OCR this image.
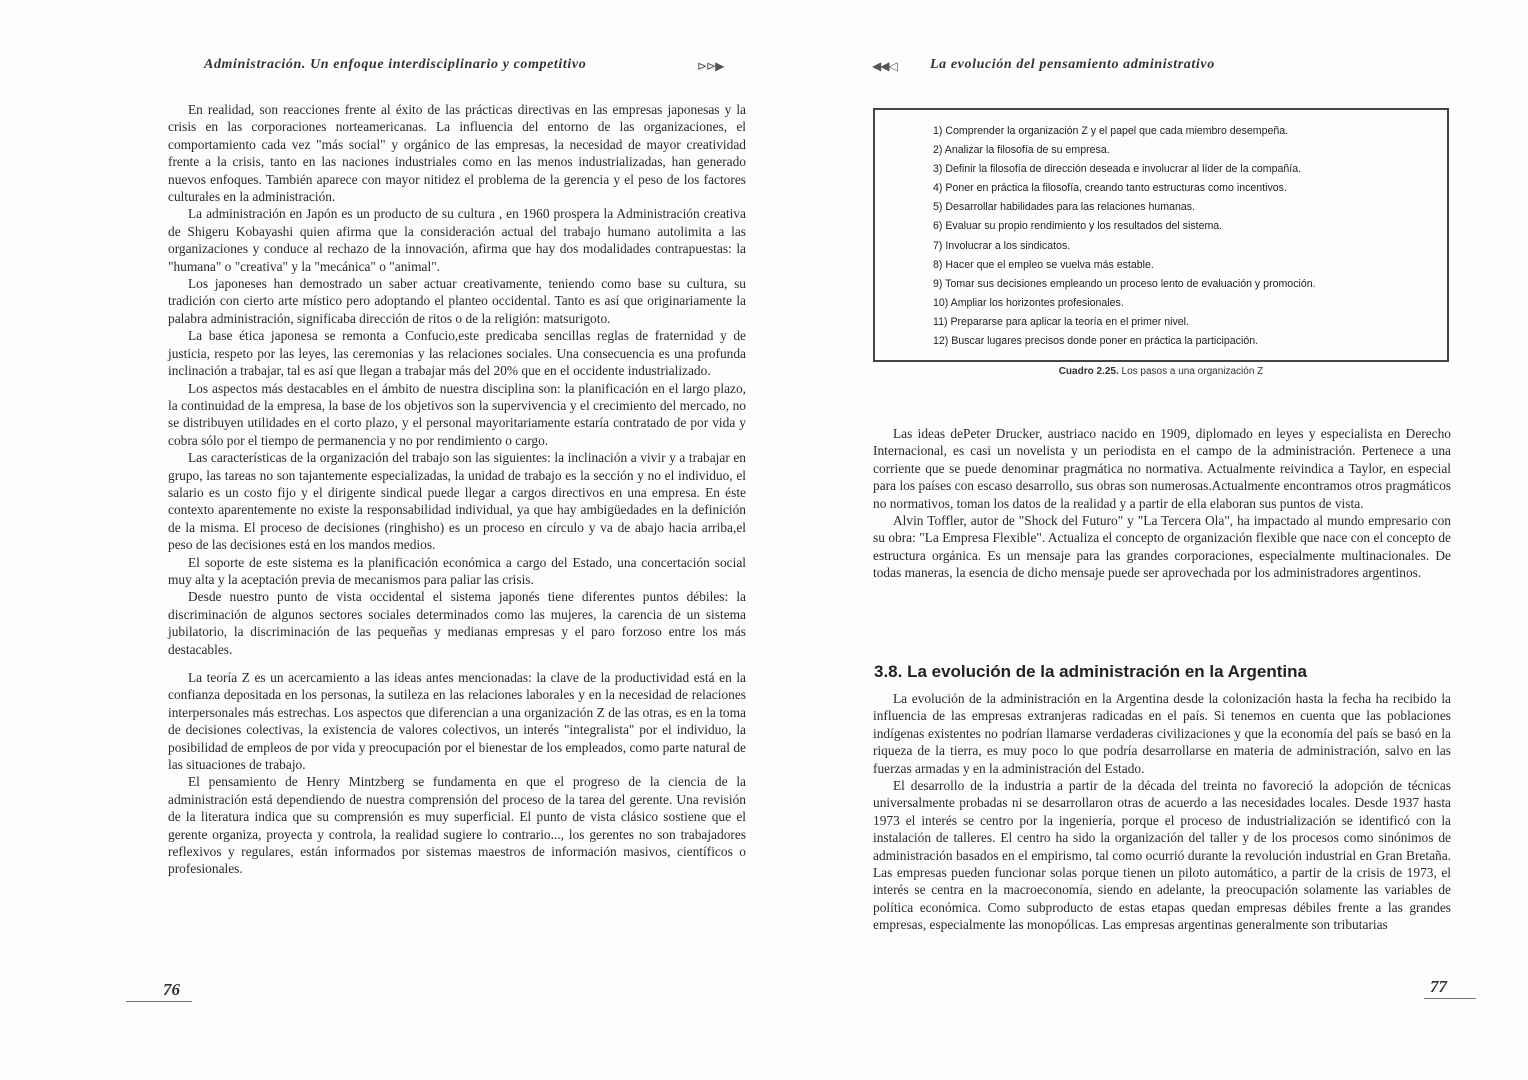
Administración. Un enfoque interdisciplinario y competitivo	⊳⊳▶

En realidad, son reacciones frente al éxito de las prácticas directivas en las empresas japonesas y la crisis en las corporaciones norteamericanas. La influencia del entorno de las organizaciones, el comportamiento cada vez "más social" y orgánico de las empresas, la necesidad de mayor creatividad frente a la crisis, tanto en las naciones industriales como en las menos industrializadas, han generado nuevos enfoques. También aparece con mayor nitidez el problema de la gerencia y el peso de los factores culturales en la administración.

La administración en Japón es un producto de su cultura , en 1960 prospera la Administración creativa de Shigeru Kobayashi quien afirma que la consideración actual del trabajo humano autolimita a las organizaciones y conduce al rechazo de la innovación, afirma que hay dos modalidades contrapuestas: la "humana" o "creativa" y la "mecánica" o "animal".

Los japoneses han demostrado un saber actuar creativamente, teniendo como base su cultura, su tradición con cierto arte místico pero adoptando el planteo occidental. Tanto es así que originariamente la palabra administración, significaba dirección de ritos o de la religión: matsurigoto.

La base ética japonesa se remonta a Confucio,este predicaba sencillas reglas de fraternidad y de justicia, respeto por las leyes, las ceremonias y las relaciones sociales. Una consecuencia es una profunda inclinación a trabajar, tal es así que llegan a trabajar más del 20% que en el occidente industrializado.

Los aspectos más destacables en el ámbito de nuestra disciplina son: la planificación en el largo plazo, la continuidad de la empresa, la base de los objetivos son la supervivencia y el crecimiento del mercado, no se distribuyen utilidades en el corto plazo, y el personal mayoritariamente estaría contratado de por vida y cobra sólo por el tiempo de permanencia y no por rendimiento o cargo.

Las características de la organización del trabajo son las siguientes: la inclinación a vivir y a trabajar en grupo, las tareas no son tajantemente especializadas, la unidad de trabajo es la sección y no el individuo, el salario es un costo fijo y el dirigente sindical puede llegar a cargos directivos en una empresa. En éste contexto aparentemente no existe la responsabilidad individual, ya que hay ambigüedades en la definición de la misma. El proceso de decisiones (ringhisho) es un proceso en círculo y va de abajo hacia arriba,el peso de las decisiones está en los mandos medios.

El soporte de este sistema es la planificación económica a cargo del Estado, una concertación social muy alta y la aceptación previa de mecanismos para paliar las crisis.

Desde nuestro punto de vista occidental el sistema japonés tiene diferentes puntos débiles: la discriminación de algunos sectores sociales determinados como las mujeres, la carencia de un sistema jubilatorio, la discriminación de las pequeñas y medianas empresas y el paro forzoso entre los más destacables.

La teoría Z es un acercamiento a las ideas antes mencionadas: la clave de la productividad está en la confianza depositada en los personas, la sutileza en las relaciones laborales y en la necesidad de relaciones interpersonales más estrechas. Los aspectos que diferencian a una organización Z de las otras, es en la toma de decisiones colectivas, la existencia de valores colectivos, un interés "integralista" por el individuo, la posibilidad de empleos de por vida y preocupación por el bienestar de los empleados, como parte natural de las situaciones de trabajo.

El pensamiento de Henry Mintzberg se fundamenta en que el progreso de la ciencia de la administración está dependiendo de nuestra comprensión del proceso de la tarea del gerente. Una revisión de la literatura indica que su comprensión es muy superficial. El punto de vista clásico sostiene que el gerente organiza, proyecta y controla, la realidad sugiere lo contrario..., los gerentes no son trabajadores reflexivos y regulares, están informados por sistemas maestros de información masivos, científicos o profesionales.

76
◀◀◁ La evolución del pensamiento administrativo
1) Comprender la organización Z y el papel que cada miembro desempeña.
2) Analizar la filosofía de su empresa.
3) Definir la filosofía de dirección deseada e involucrar al líder de la compañía.
4) Poner en práctica la filosofía, creando tanto estructuras como incentivos.
5) Desarrollar habilidades para las relaciones humanas.
6) Evaluar su propio rendimiento y los resultados del sistema.
7) Involucrar a los sindicatos.
8) Hacer que el empleo se vuelva más estable.
9) Tomar sus decisiones empleando un proceso lento de evaluación y promoción.
10) Ampliar los horizontes profesionales.
11) Prepararse para aplicar la teoría en el primer nivel.
12) Buscar lugares precisos donde poner en práctica la participación.
Cuadro 2.25. Los pasos a una organización Z

Las ideas dePeter Drucker, austriaco nacido en 1909, diplomado en leyes y especialista en Derecho Internacional, es casi un novelista y un periodista en el campo de la administración. Pertenece a una corriente que se puede denominar pragmática no normativa. Actualmente reivindica a Taylor, en especial para los países con escaso desarrollo, sus obras son numerosas.Actualmente encontramos otros pragmáticos no normativos, toman los datos de la realidad y a partir de ella elaboran sus puntos de vista.

Alvin Toffler, autor de "Shock del Futuro" y "La Tercera Ola", ha impactado al mundo empresario con su obra: "La Empresa Flexible". Actualiza el concepto de organización flexible que nace con el concepto de estructura orgánica. Es un mensaje para las grandes corporaciones, especialmente multinacionales. De todas maneras, la esencia de dicho mensaje puede ser aprovechada por los administradores argentinos.

3.8. La evolución de la administración en la Argentina

La evolución de la administración en la Argentina desde la colonización hasta la fecha ha recibido la influencia de las empresas extranjeras radicadas en el país. Si tenemos en cuenta que las poblaciones indígenas existentes no podrían llamarse verdaderas civilizaciones y que la economía del país se basó en la riqueza de la tierra, es muy poco lo que podría desarrollarse en materia de administración, salvo en las fuerzas armadas y en la administración del Estado.

El desarrollo de la industria a partir de la década del treinta no favoreció la adopción de técnicas universalmente probadas ni se desarrollaron otras de acuerdo a las necesidades locales. Desde 1937 hasta 1973 el interés se centro por la ingeniería, porque el proceso de industrialización se identificó con la instalación de talleres. El centro ha sido la organización del taller y de los procesos como sinónimos de administración basados en el empirismo, tal como ocurrió durante la revolución industrial en Gran Bretaña. Las empresas pueden funcionar solas porque tienen un piloto automático, a partir de la crisis de 1973, el interés se centra en la macroeconomía, siendo en adelante, la preocupación solamente las variables de política económica. Como subproducto de estas etapas quedan empresas débiles frente a las grandes empresas, especialmente las monopólicas. Las empresas argentinas generalmente son tributarias

77
